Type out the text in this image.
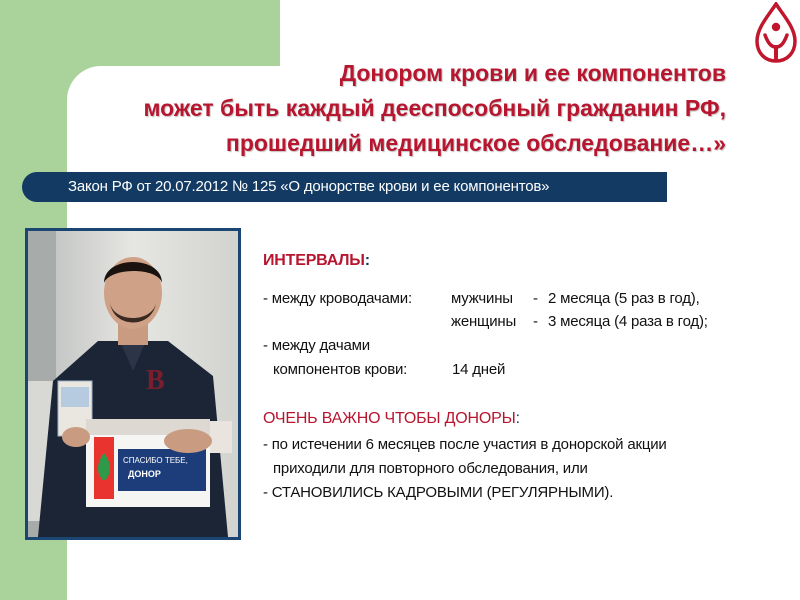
Донором крови и ее компонентов
может быть каждый дееспособный гражданин РФ,
прошедший медицинское обследование…»
Закон РФ от 20.07.2012 № 125 «О донорстве крови и ее компонентов»
B
СПАСИБО ТЕБЕ,
ДОНОР
ИНТЕРВАЛЫ:
- между кроводачами:	мужчины - 2 месяца (5 раз в год),
женщины - 3 месяца (4 раза в год);
- между дачами
компонентов крови:	14 дней
ОЧЕНЬ ВАЖНО ЧТОБЫ ДОНОРЫ:
- по истечении 6 месяцев после участия в донорской акции
приходили для повторного обследования, или
- СТАНОВИЛИСЬ КАДРОВЫМИ (РЕГУЛЯРНЫМИ).
